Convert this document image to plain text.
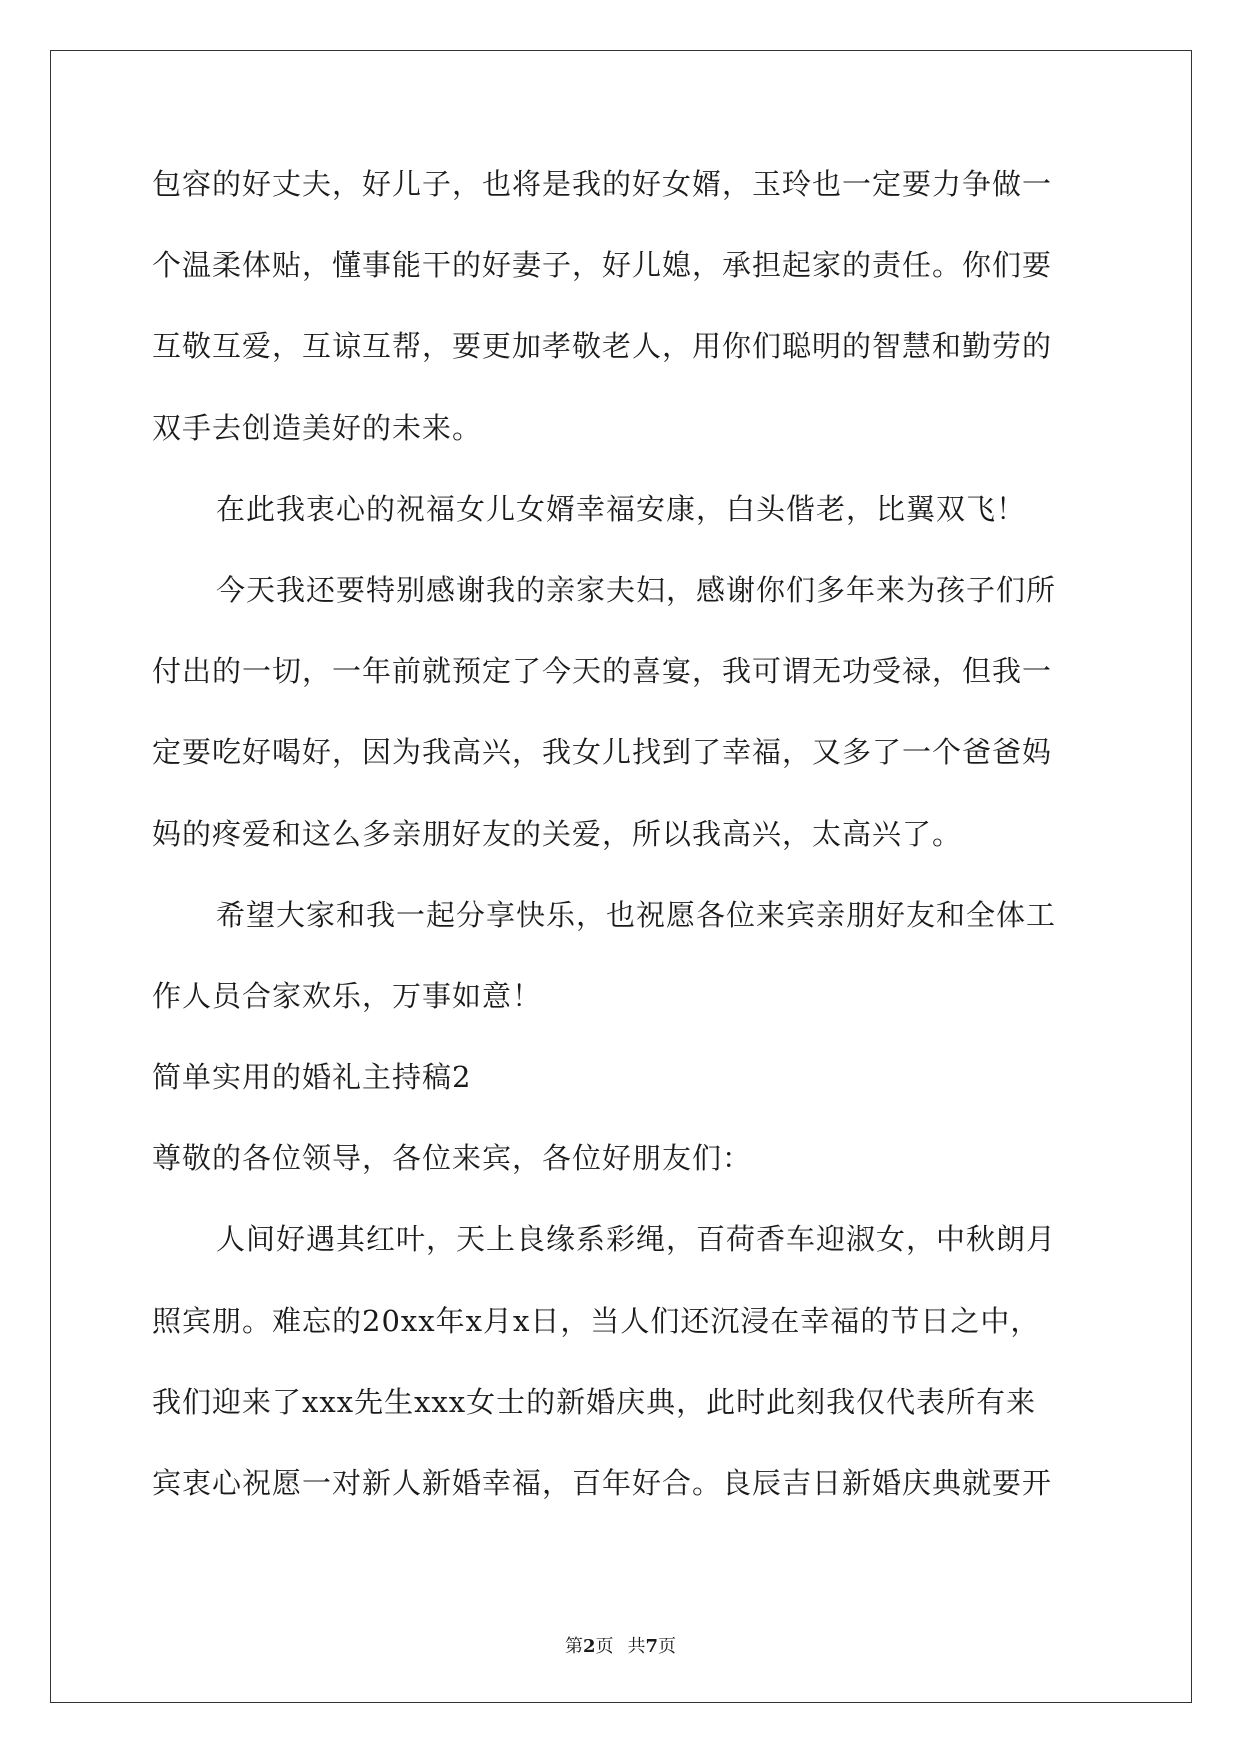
包容的好丈夫，好儿子，也将是我的好女婿，玉玲也一定要力争做一
个温柔体贴，懂事能干的好妻子，好儿媳，承担起家的责任。你们要
互敬互爱，互谅互帮，要更加孝敬老人，用你们聪明的智慧和勤劳的
双手去创造美好的未来。
在此我衷心的祝福女儿女婿幸福安康，白头偕老，比翼双飞！
今天我还要特别感谢我的亲家夫妇，感谢你们多年来为孩子们所
付出的一切，一年前就预定了今天的喜宴，我可谓无功受禄，但我一
定要吃好喝好，因为我高兴，我女儿找到了幸福，又多了一个爸爸妈
妈的疼爱和这么多亲朋好友的关爱，所以我高兴，太高兴了。
希望大家和我一起分享快乐，也祝愿各位来宾亲朋好友和全体工
作人员合家欢乐，万事如意！
简单实用的婚礼主持稿2
尊敬的各位领导，各位来宾，各位好朋友们：
人间好遇其红叶，天上良缘系彩绳，百荷香车迎淑女，中秋朗月
照宾朋。难忘的20xx年x月x日，当人们还沉浸在幸福的节日之中，
我们迎来了xxx先生xxx女士的新婚庆典，此时此刻我仅代表所有来
宾衷心祝愿一对新人新婚幸福，百年好合。良辰吉日新婚庆典就要开
第2页 共7页
